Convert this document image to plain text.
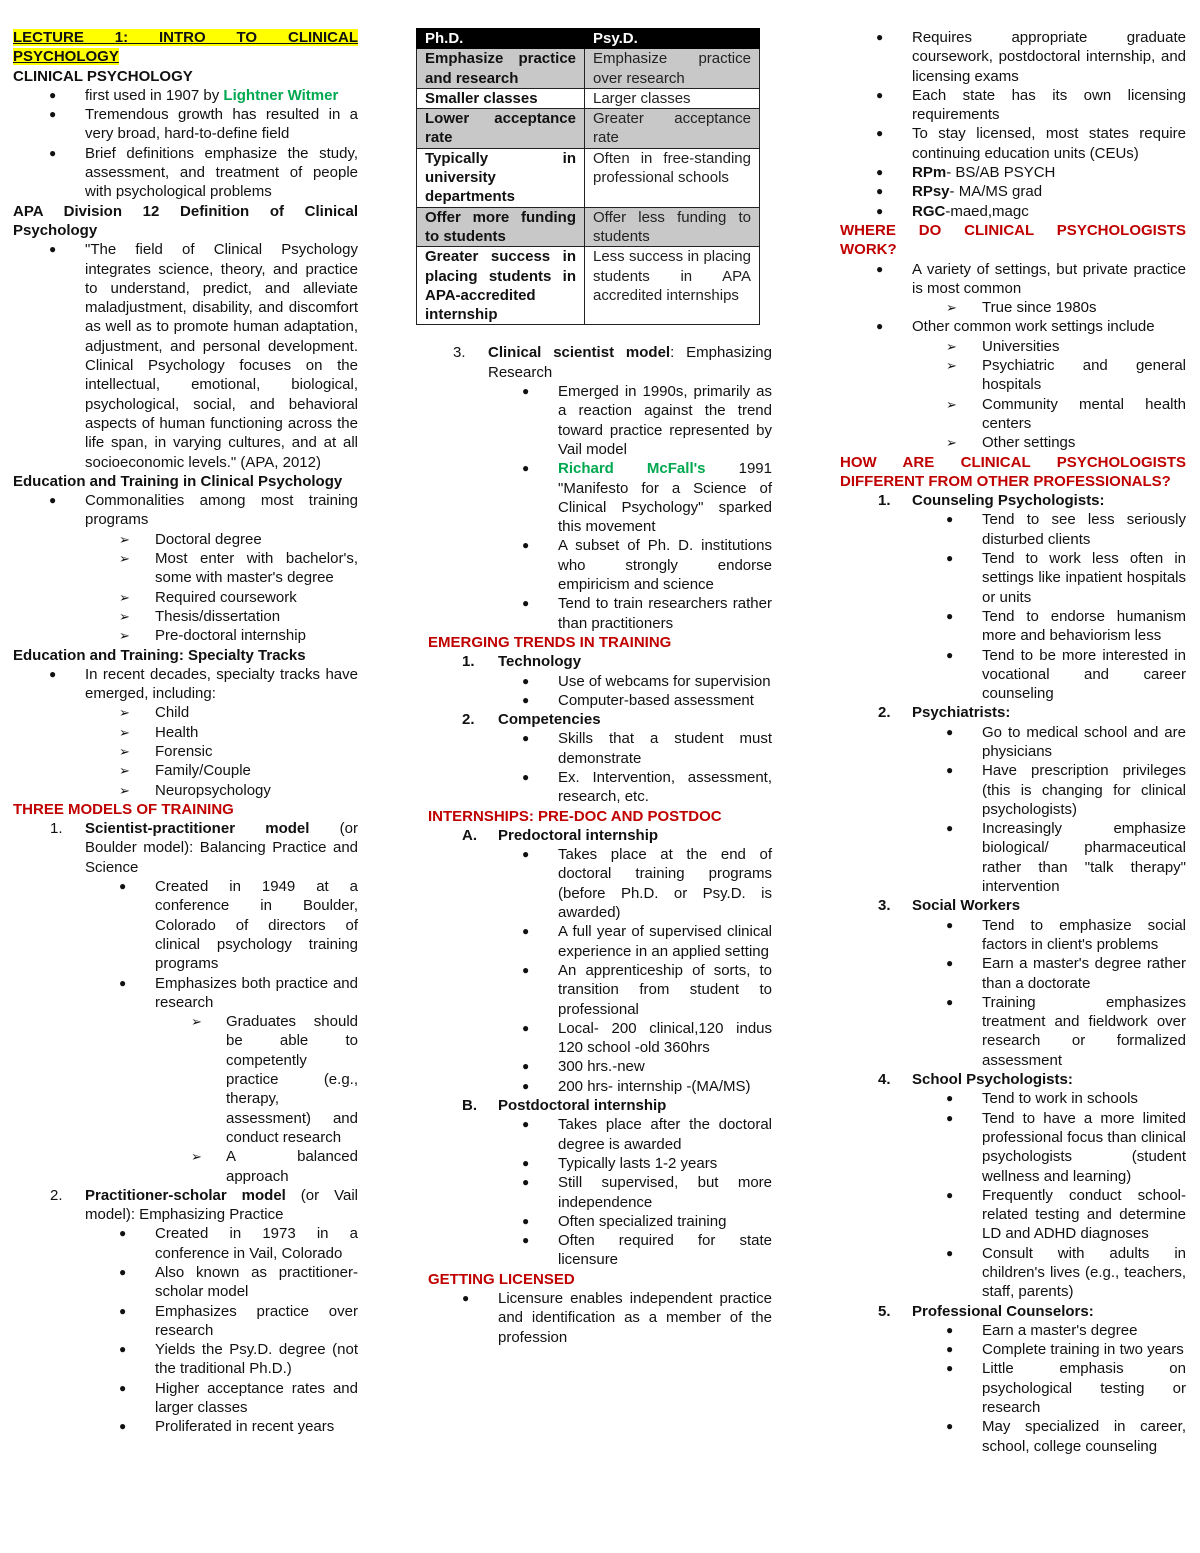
LECTURE 1: INTRO TO CLINICAL PSYCHOLOGY

CLINICAL PSYCHOLOGY

● first used in 1907 by Lightner Witmer
● Tremendous growth has resulted in a very broad, hard-to-define field
● Brief definitions emphasize the study, assessment, and treatment of people with psychological problems

APA Division 12 Definition of Clinical Psychology

● "The field of Clinical Psychology integrates science, theory, and practice to understand, predict, and alleviate maladjustment, disability, and discomfort as well as to promote human adaptation, adjustment, and personal development. Clinical Psychology focuses on the intellectual, emotional, biological, psychological, social, and behavioral aspects of human functioning across the life span, in varying cultures, and at all socioeconomic levels." (APA, 2012)

Education and Training in Clinical Psychology

● Commonalities among most training programs
➢ Doctoral degree
➢ Most enter with bachelor's, some with master's degree
➢ Required coursework
➢ Thesis/dissertation
➢ Pre-doctoral internship

Education and Training: Specialty Tracks

● In recent decades, specialty tracks have emerged, including:
➢ Child
➢ Health
➢ Forensic
➢ Family/Couple
➢ Neuropsychology

THREE MODELS OF TRAINING

1. Scientist-practitioner model (or Boulder model): Balancing Practice and Science
● Created in 1949 at a conference in Boulder, Colorado of directors of clinical psychology training programs
● Emphasizes both practice and research
➢ Graduates should be able to competently practice (e.g., therapy, assessment) and conduct research
➢ A balanced approach
2. Practitioner-scholar model (or Vail model): Emphasizing Practice
● Created in 1973 in a conference in Vail, Colorado
● Also known as practitioner-scholar model
● Emphasizes practice over research
● Yields the Psy.D. degree (not the traditional Ph.D.)
● Higher acceptance rates and larger classes
● Proliferated in recent years
Ph.D.	Psy.D.
Emphasize practice and research	Emphasize practice over research
Smaller classes	Larger classes
Lower acceptance rate	Greater acceptance rate
Typically in university departments	Often in free-standing professional schools
Offer more funding to students	Offer less funding to students
Greater success in placing students in APA-accredited internship	Less success in placing students in APA accredited internships
3. Clinical scientist model: Emphasizing Research
● Emerged in 1990s, primarily as a reaction against the trend toward practice represented by Vail model
● Richard McFall's 1991 "Manifesto for a Science of Clinical Psychology" sparked this movement
● A subset of Ph. D. institutions who strongly endorse empiricism and science
● Tend to train researchers rather than practitioners

EMERGING TRENDS IN TRAINING

1. Technology
● Use of webcams for supervision
● Computer-based assessment
2. Competencies
● Skills that a student must demonstrate
● Ex. Intervention, assessment, research, etc.

INTERNSHIPS: PRE-DOC AND POSTDOC

A. Predoctoral internship
● Takes place at the end of doctoral training programs (before Ph.D. or Psy.D. is awarded)
● A full year of supervised clinical experience in an applied setting
● An apprenticeship of sorts, to transition from student to professional
● Local- 200 clinical,120 indus 120 school -old 360hrs
● 300 hrs.-new
● 200 hrs- internship -(MA/MS)
B. Postdoctoral internship
● Takes place after the doctoral degree is awarded
● Typically lasts 1-2 years
● Still supervised, but more independence
● Often specialized training
● Often required for state licensure

GETTING LICENSED

● Licensure enables independent practice and identification as a member of the profession
● Requires appropriate graduate coursework, postdoctoral internship, and licensing exams
● Each state has its own licensing requirements
● To stay licensed, most states require continuing education units (CEUs)
● RPm- BS/AB PSYCH
● RPsy- MA/MS grad
● RGC-maed,magc

WHERE DO CLINICAL PSYCHOLOGISTS WORK?

● A variety of settings, but private practice is most common
➢ True since 1980s
● Other common work settings include
➢ Universities
➢ Psychiatric and general hospitals
➢ Community mental health centers
➢ Other settings

HOW ARE CLINICAL PSYCHOLOGISTS DIFFERENT FROM OTHER PROFESSIONALS?

1. Counseling Psychologists:
● Tend to see less seriously disturbed clients
● Tend to work less often in settings like inpatient hospitals or units
● Tend to endorse humanism more and behaviorism less
● Tend to be more interested in vocational and career counseling
2. Psychiatrists:
● Go to medical school and are physicians
● Have prescription privileges (this is changing for clinical psychologists)
● Increasingly emphasize biological/ pharmaceutical rather than "talk therapy" intervention
3. Social Workers
● Tend to emphasize social factors in client's problems
● Earn a master's degree rather than a doctorate
● Training emphasizes treatment and fieldwork over research or formalized assessment
4. School Psychologists:
● Tend to work in schools
● Tend to have a more limited professional focus than clinical psychologists (student wellness and learning)
● Frequently conduct school-related testing and determine LD and ADHD diagnoses
● Consult with adults in children's lives (e.g., teachers, staff, parents)
5. Professional Counselors:
● Earn a master's degree
● Complete training in two years
● Little emphasis on psychological testing or research
● May specialized in career, school, college counseling
